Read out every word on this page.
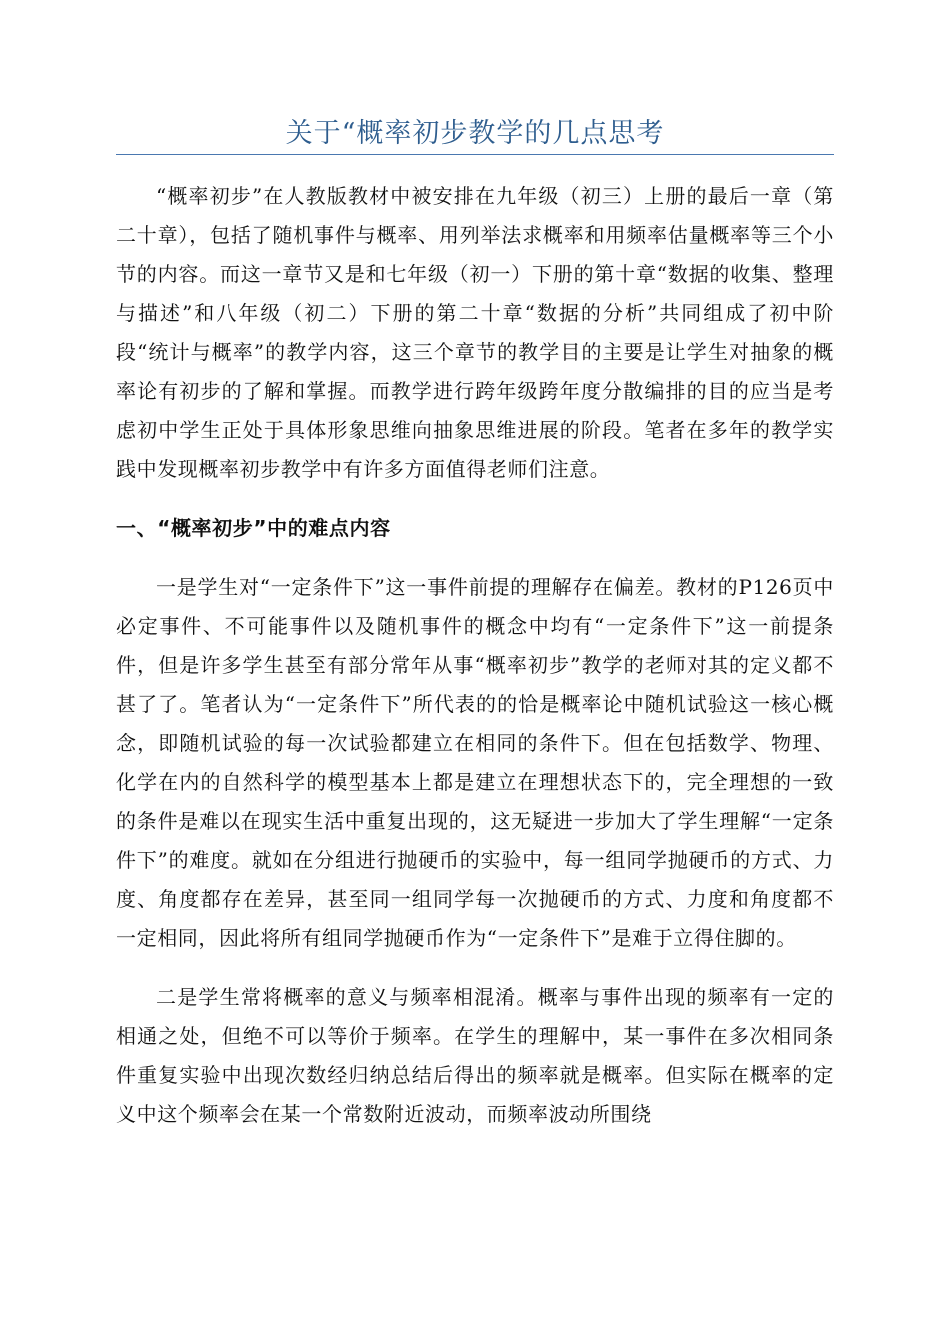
关于“概率初步教学的几点思考

“概率初步”在人教版教材中被安排在九年级（初三）上册的最后一章（第二十章），包括了随机事件与概率、用列举法求概率和用频率估量概率等三个小节的内容。而这一章节又是和七年级（初一）下册的第十章“数据的收集、整理与描述”和八年级（初二）下册的第二十章“数据的分析”共同组成了初中阶段“统计与概率”的教学内容，这三个章节的教学目的主要是让学生对抽象的概率论有初步的了解和掌握。而教学进行跨年级跨年度分散编排的目的应当是考虑初中学生正处于具体形象思维向抽象思维进展的阶段。笔者在多年的教学实践中发现概率初步教学中有许多方面值得老师们注意。

一、“概率初步”中的难点内容

一是学生对“一定条件下”这一事件前提的理解存在偏差。教材的P126页中必定事件、不可能事件以及随机事件的概念中均有“一定条件下”这一前提条件，但是许多学生甚至有部分常年从事“概率初步”教学的老师对其的定义都不甚了了。笔者认为“一定条件下”所代表的的恰是概率论中随机试验这一核心概念，即随机试验的每一次试验都建立在相同的条件下。但在包括数学、物理、化学在内的自然科学的模型基本上都是建立在理想状态下的，完全理想的一致的条件是难以在现实生活中重复出现的，这无疑进一步加大了学生理解“一定条件下”的难度。就如在分组进行抛硬币的实验中，每一组同学抛硬币的方式、力度、角度都存在差异，甚至同一组同学每一次抛硬币的方式、力度和角度都不一定相同，因此将所有组同学抛硬币作为“一定条件下”是难于立得住脚的。

二是学生常将概率的意义与频率相混淆。概率与事件出现的频率有一定的相通之处，但绝不可以等价于频率。在学生的理解中，某一事件在多次相同条件重复实验中出现次数经归纳总结后得出的频率就是概率。但实际在概率的定义中这个频率会在某一个常数附近波动，而频率波动所围绕
